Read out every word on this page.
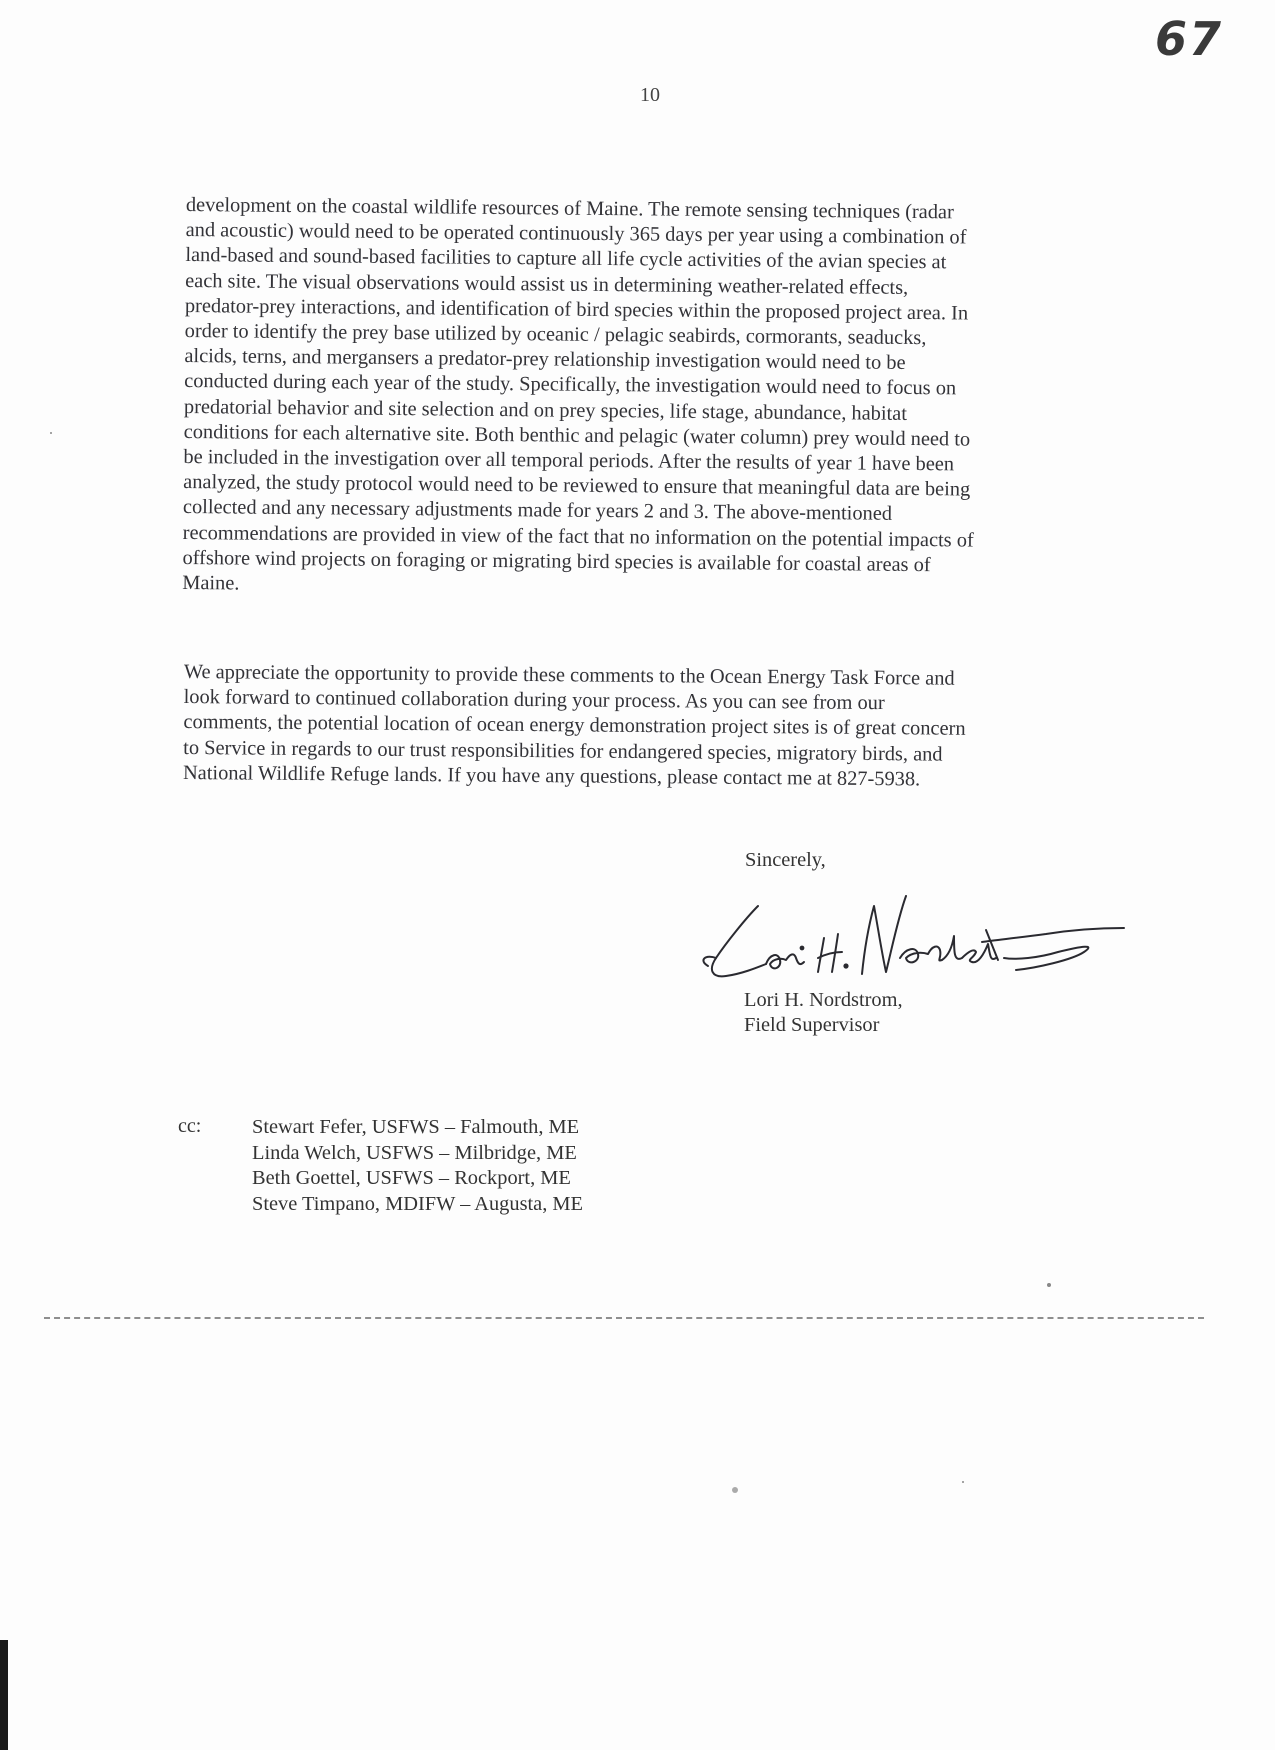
67
10
development on the coastal wildlife resources of Maine. The remote sensing techniques (radar
and acoustic) would need to be operated continuously 365 days per year using a combination of
land-based and sound-based facilities to capture all life cycle activities of the avian species at
each site. The visual observations would assist us in determining weather-related effects,
predator-prey interactions, and identification of bird species within the proposed project area. In
order to identify the prey base utilized by oceanic / pelagic seabirds, cormorants, seaducks,
alcids, terns, and mergansers a predator-prey relationship investigation would need to be
conducted during each year of the study. Specifically, the investigation would need to focus on
predatorial behavior and site selection and on prey species, life stage, abundance, habitat
conditions for each alternative site. Both benthic and pelagic (water column) prey would need to
be included in the investigation over all temporal periods. After the results of year 1 have been
analyzed, the study protocol would need to be reviewed to ensure that meaningful data are being
collected and any necessary adjustments made for years 2 and 3. The above-mentioned
recommendations are provided in view of the fact that no information on the potential impacts of
offshore wind projects on foraging or migrating bird species is available for coastal areas of
Maine.
We appreciate the opportunity to provide these comments to the Ocean Energy Task Force and
look forward to continued collaboration during your process. As you can see from our
comments, the potential location of ocean energy demonstration project sites is of great concern
to Service in regards to our trust responsibilities for endangered species, migratory birds, and
National Wildlife Refuge lands. If you have any questions, please contact me at 827-5938.
Sincerely,
Lori H. Nordstrom,
Field Supervisor
cc: Stewart Fefer, USFWS – Falmouth, ME
Linda Welch, USFWS – Milbridge, ME
Beth Goettel, USFWS – Rockport, ME
Steve Timpano, MDIFW – Augusta, ME
